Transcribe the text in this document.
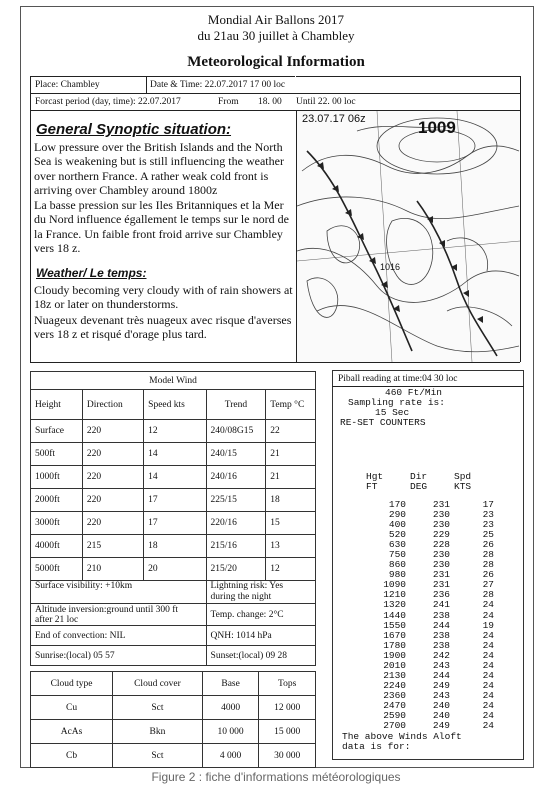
Mondial Air Ballons 2017
du 21au 30 juillet à Chambley
Meteorological Information
Place: Chambley	Date & Time: 22.07.2017 17 00 loc
Forcast period (day, time): 22.07.2017	From 18. 00 Until 22. 00 loc
General Synoptic situation:
Low pressure over the British Islands and the North Sea is weakening but is still influencing the weather over northern France. A rather weak cold front is arriving over Chambley around 1800z
La basse pression sur les Iles Britanniques et la Mer du Nord influence égallement le temps sur le nord de la France. Un faible front froid arrive sur Chambley vers 18 z.
Weather/ Le temps:
Cloudy becoming very cloudy with of rain showers at 18z or later on thunderstorms.
Nuageux devenant très nuageux avec risque d'averses vers 18 z et risqué d'orage plus tard.
23.07.17 06z	1009
1016
Model Wind				
Height	Direction	Speed kts	Trend	Temp °C
Surface	220	12	240/08G15	22
500ft	220	14	240/15	21
1000ft	220	14	240/16	21
2000ft	220	17	225/15	18
3000ft	220	17	220/16	15
4000ft	215	18	215/16	13
5000ft	210	20	215/20	12
Surface visibility: +10km			Lightning risk: Yes
during the night	

Altitude inversion:ground until 300 ft
after 21 loc			Temp. change: 2°C	
End of convection: NIL			QNH: 1014 hPa	
Sunrise:(local) 05 57			Sunset:(local) 09 28	
Cloud type	Cloud cover	Base	Tops
Cu	Sct	4000	12 000
AcAs	Bkn	10 000	15 000
Cb	Sct	4 000	30 000
Piball reading at time:04 30 loc
460 Ft/Min
Sampling rate is:
15 Sec
RE-SET COUNTERS
Hgt	Dir	Spd
FT	DEG	KTS
170	231	17
290	230	23
400	230	23
520	229	25
630	228	26
750	230	28
860	230	28
980	231	26
1090	231	27
1210	236	28
1320	241	24
1440	238	24
1550	244	19
1670	238	24
1780	238	24
1900	242	24
2010	243	24
2130	244	24
2240	249	24
2360	243	24
2470	240	24
2590	240	24
2700	249	24
The above Winds Aloft
data is for:
Figure 2 : fiche d'informations météorologiques
